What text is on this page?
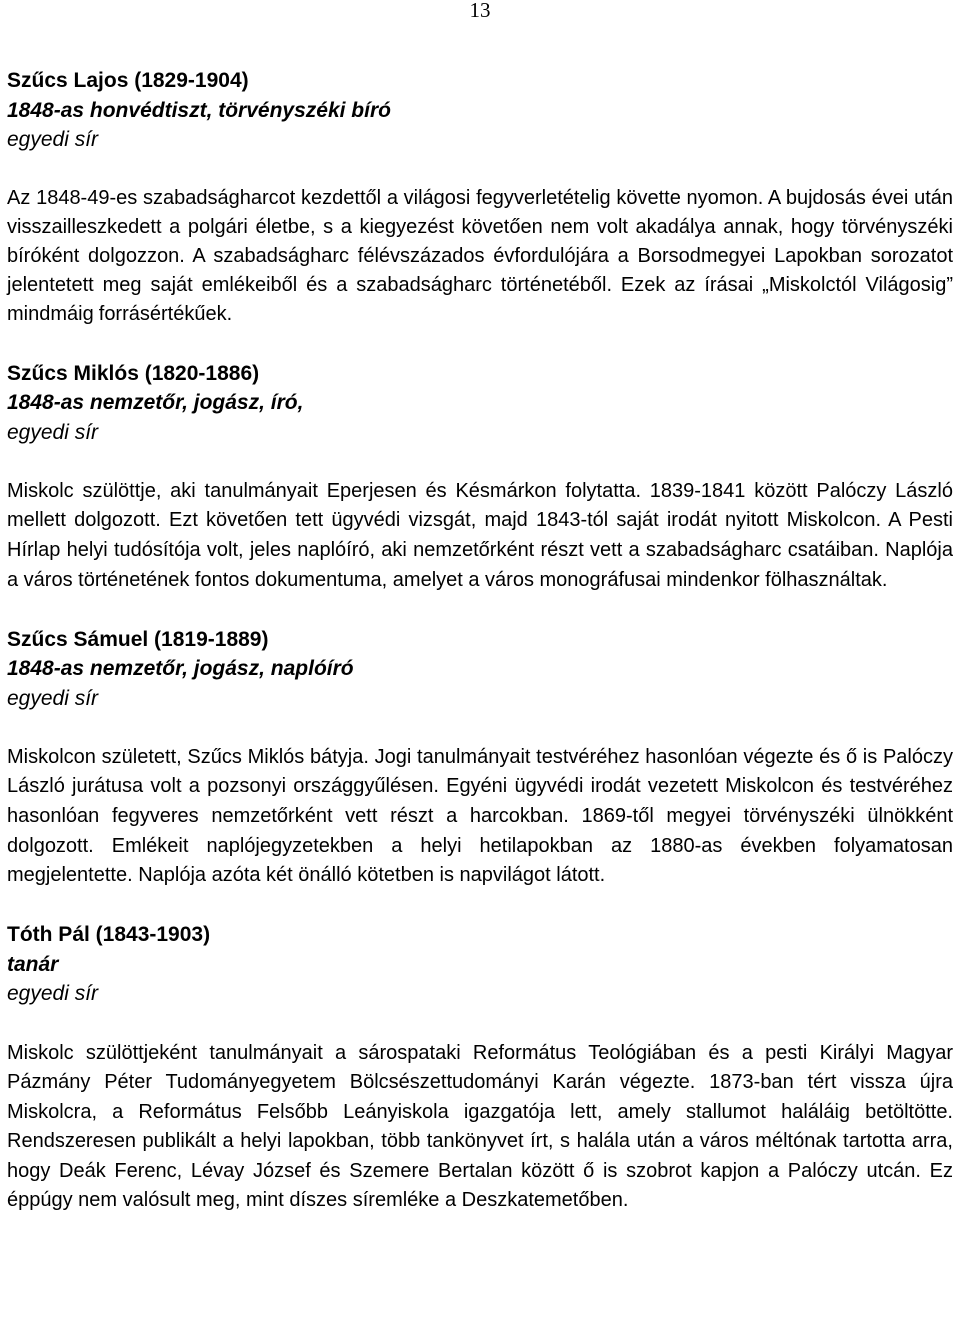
13
Szűcs Lajos (1829-1904)
1848-as honvédtiszt, törvényszéki bíró
egyedi sír
Az 1848-49-es szabadságharcot kezdettől a világosi fegyverletételig követte nyomon. A bujdosás évei után visszailleszkedett a polgári életbe, s a kiegyezést követően nem volt akadálya annak, hogy törvényszéki bíróként dolgozzon. A szabadságharc félévszázados évfordulójára a Borsodmegyei Lapokban sorozatot jelentetett meg saját emlékeiből és a szabadságharc történetéből. Ezek az írásai „Miskolctól Világosig” mindmáig forrásértékűek.
Szűcs Miklós (1820-1886)
1848-as nemzetőr, jogász, író,
egyedi sír
Miskolc szülöttje, aki tanulmányait Eperjesen és Késmárkon folytatta. 1839-1841 között Palóczy László mellett dolgozott. Ezt követően tett ügyvédi vizsgát, majd 1843-tól saját irodát nyitott Miskolcon. A Pesti Hírlap helyi tudósítója volt, jeles naplóíró, aki nemzetőrként részt vett a szabadságharc csatáiban. Naplója a város történetének fontos dokumentuma, amelyet a város monográfusai mindenkor fölhasználtak.
Szűcs Sámuel (1819-1889)
1848-as nemzetőr, jogász, naplóíró
egyedi sír
Miskolcon született, Szűcs Miklós bátyja. Jogi tanulmányait testvéréhez hasonlóan végezte és ő is Palóczy László jurátusa volt a pozsonyi országgyűlésen. Egyéni ügyvédi irodát vezetett Miskolcon és testvéréhez hasonlóan fegyveres nemzetőrként vett részt a harcokban. 1869-től megyei törvényszéki ülnökként dolgozott. Emlékeit naplójegyzetekben a helyi hetilapokban az 1880-as években folyamatosan megjelentette. Naplója azóta két önálló kötetben is napvilágot látott.
Tóth Pál (1843-1903)
tanár
egyedi sír
Miskolc szülöttjeként tanulmányait a sárospataki Református Teológiában és a pesti Királyi Magyar Pázmány Péter Tudományegyetem Bölcsészettudományi Karán végezte. 1873-ban tért vissza újra Miskolcra, a Református Felsőbb Leányiskola igazgatója lett, amely stallumot haláláig betöltötte. Rendszeresen publikált a helyi lapokban, több tankönyvet írt, s halála után a város méltónak tartotta arra, hogy Deák Ferenc, Lévay József és Szemere Bertalan között ő is szobrot kapjon a Palóczy utcán. Ez éppúgy nem valósult meg, mint díszes síremléke a Deszkatemetőben.
